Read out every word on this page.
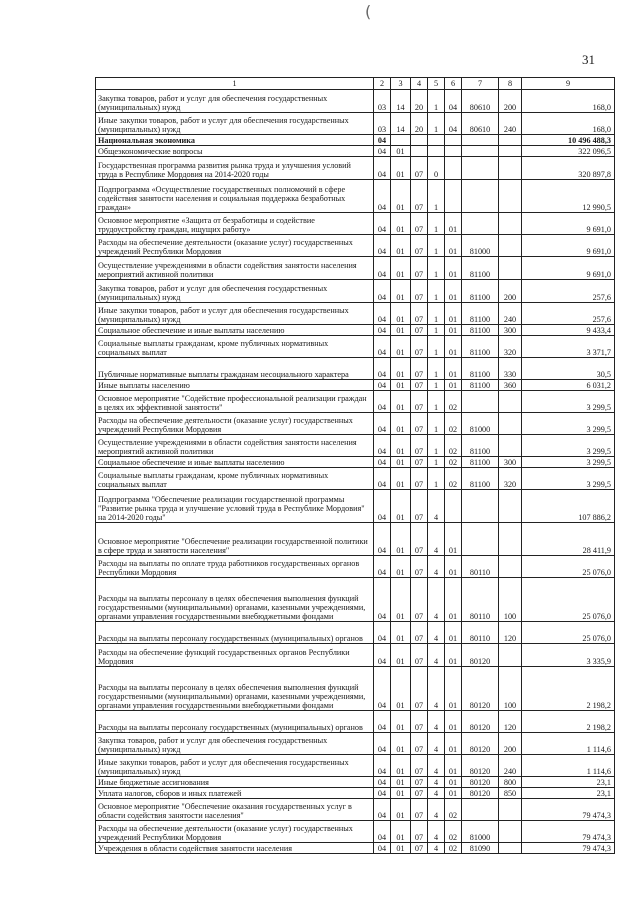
(
31
1	2	3	4	5	6	7	8	9
Закупка товаров, работ и услуг для обеспечения государственных (муниципальных) нужд	03	14	20	1	04	80610	200	168,0
Иные закупки товаров, работ и услуг для обеспечения государственных (муниципальных) нужд	03	14	20	1	04	80610	240	168,0
Национальная экономика	04							10 496 488,3
Общеэкономические вопросы	04	01						322 096,5
Государственная программа развития рынка труда и улучшения условий труда в Республике Мордовия на 2014-2020 годы	04	01	07	0				320 897,8
Подпрограмма «Осуществление государственных полномочий в сфере содействия занятости населения и социальная поддержка безработных граждан»	04	01	07	1				12 990,5
Основное мероприятие «Защита от безработицы и содействие трудоустройству граждан, ищущих работу»	04	01	07	1	01			9 691,0
Расходы на обеспечение деятельности (оказание услуг) государственных учреждений Республики Мордовия	04	01	07	1	01	81000		9 691,0
Осуществление учреждениями в области содействия занятости населения мероприятий активной политики	04	01	07	1	01	81100		9 691,0
Закупка товаров, работ и услуг для обеспечения государственных (муниципальных) нужд	04	01	07	1	01	81100	200	257,6
Иные закупки товаров, работ и услуг для обеспечения государственных (муниципальных) нужд	04	01	07	1	01	81100	240	257,6
Социальное обеспечение и иные выплаты населению	04	01	07	1	01	81100	300	9 433,4
Социальные выплаты гражданам, кроме публичных нормативных социальных выплат	04	01	07	1	01	81100	320	3 371,7
Публичные нормативные выплаты гражданам несоциального характера	04	01	07	1	01	81100	330	30,5
Иные выплаты населению	04	01	07	1	01	81100	360	6 031,2
Основное мероприятие "Содействие профессиональной реализации граждан в целях их эффективной занятости"	04	01	07	1	02			3 299,5
Расходы на обеспечение деятельности (оказание услуг) государственных учреждений Республики Мордовия	04	01	07	1	02	81000		3 299,5
Осуществление учреждениями в области содействия занятости населения мероприятий активной политики	04	01	07	1	02	81100		3 299,5
Социальное обеспечение и иные выплаты населению	04	01	07	1	02	81100	300	3 299,5
Социальные выплаты гражданам, кроме публичных нормативных социальных выплат	04	01	07	1	02	81100	320	3 299,5
Подпрограмма "Обеспечение реализации государственной программы "Развитие рынка труда и улучшение условий труда в Республике Мордовия" на 2014-2020 годы"	04	01	07	4				107 886,2
Основное мероприятие "Обеспечение реализации государственной политики в сфере труда и занятости населения"	04	01	07	4	01			28 411,9
Расходы на выплаты по оплате труда работников государственных органов Республики Мордовия	04	01	07	4	01	80110		25 076,0
Расходы на выплаты персоналу в целях обеспечения выполнения функций государственными (муниципальными) органами, казенными учреждениями, органами управления государственными внебюджетными фондами	04	01	07	4	01	80110	100	25 076,0
Расходы на выплаты персоналу государственных (муниципальных) органов	04	01	07	4	01	80110	120	25 076,0
Расходы на обеспечение функций государственных органов Республики Мордовия	04	01	07	4	01	80120		3 335,9
Расходы на выплаты персоналу в целях обеспечения выполнения функций государственными (муниципальными) органами, казенными учреждениями, органами управления государственными внебюджетными фондами	04	01	07	4	01	80120	100	2 198,2
Расходы на выплаты персоналу государственных (муниципальных) органов	04	01	07	4	01	80120	120	2 198,2
Закупка товаров, работ и услуг для обеспечения государственных (муниципальных) нужд	04	01	07	4	01	80120	200	1 114,6
Иные закупки товаров, работ и услуг для обеспечения государственных (муниципальных) нужд	04	01	07	4	01	80120	240	1 114,6
Иные бюджетные ассигнования	04	01	07	4	01	80120	800	23,1
Уплата налогов, сборов и иных платежей	04	01	07	4	01	80120	850	23,1
Основное мероприятие "Обеспечение оказания государственных услуг в области содействия занятости населения"	04	01	07	4	02			79 474,3
Расходы на обеспечение деятельности (оказание услуг) государственных учреждений Республики Мордовия	04	01	07	4	02	81000		79 474,3
Учреждения в области содействия занятости населения	04	01	07	4	02	81090		79 474,3
